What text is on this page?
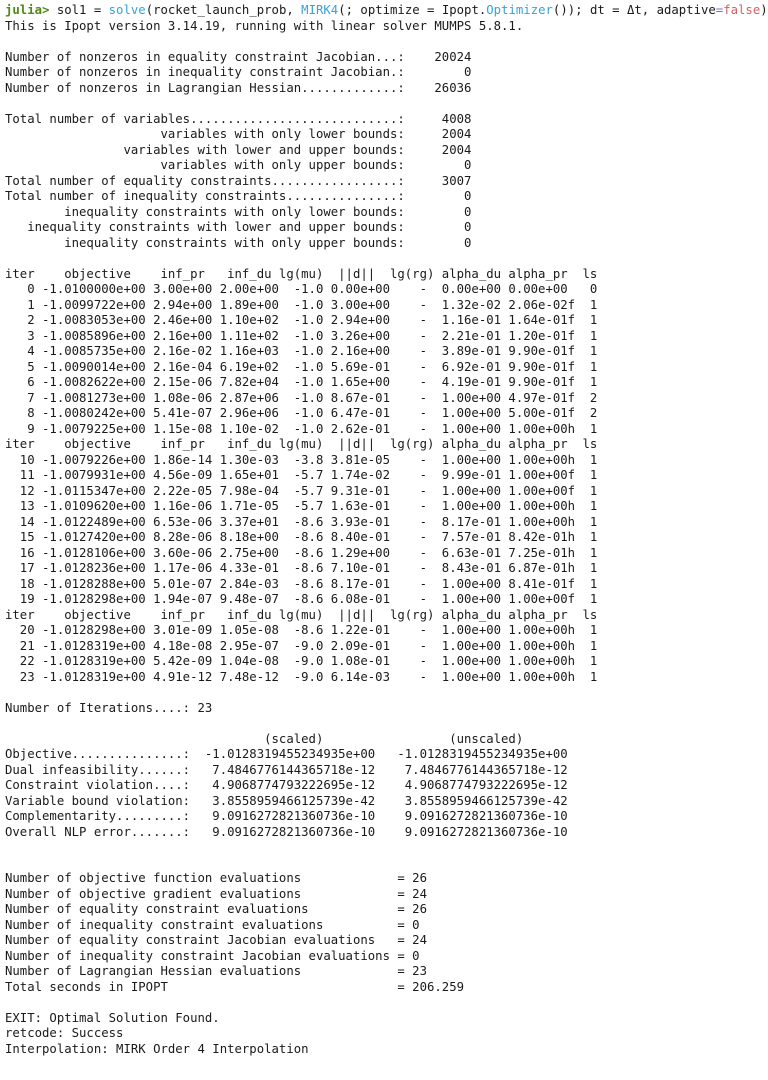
julia> sol1 = solve(rocket_launch_prob, MIRK4(; optimize = Ipopt.Optimizer()); dt = Δt, adaptive=false)
This is Ipopt version 3.14.19, running with linear solver MUMPS 5.8.1.
Number of nonzeros in equality constraint Jacobian...:    20024
Number of nonzeros in inequality constraint Jacobian.:        0
Number of nonzeros in Lagrangian Hessian.............:    26036
Total number of variables............................:     4008
variables with only lower bounds:     2004
variables with lower and upper bounds:     2004
variables with only upper bounds:        0
Total number of equality constraints.................:     3007
Total number of inequality constraints...............:        0
inequality constraints with only lower bounds:        0
inequality constraints with lower and upper bounds:        0
inequality constraints with only upper bounds:        0
iter    objective    inf_pr   inf_du lg(mu)  ||d||  lg(rg) alpha_du alpha_pr  ls
0 -1.0100000e+00 3.00e+00 2.00e+00  -1.0 0.00e+00    -  0.00e+00 0.00e+00   0
1 -1.0099722e+00 2.94e+00 1.89e+00  -1.0 3.00e+00    -  1.32e-02 2.06e-02f  1
2 -1.0083053e+00 2.46e+00 1.10e+02  -1.0 2.94e+00    -  1.16e-01 1.64e-01f  1
3 -1.0085896e+00 2.16e+00 1.11e+02  -1.0 3.26e+00    -  2.21e-01 1.20e-01f  1
4 -1.0085735e+00 2.16e-02 1.16e+03  -1.0 2.16e+00    -  3.89e-01 9.90e-01f  1
5 -1.0090014e+00 2.16e-04 6.19e+02  -1.0 5.69e-01    -  6.92e-01 9.90e-01f  1
6 -1.0082622e+00 2.15e-06 7.82e+04  -1.0 1.65e+00    -  4.19e-01 9.90e-01f  1
7 -1.0081273e+00 1.08e-06 2.87e+06  -1.0 8.67e-01    -  1.00e+00 4.97e-01f  2
8 -1.0080242e+00 5.41e-07 2.96e+06  -1.0 6.47e-01    -  1.00e+00 5.00e-01f  2
9 -1.0079225e+00 1.15e-08 1.10e-02  -1.0 2.62e-01    -  1.00e+00 1.00e+00h  1
iter    objective    inf_pr   inf_du lg(mu)  ||d||  lg(rg) alpha_du alpha_pr  ls
10 -1.0079226e+00 1.86e-14 1.30e-03  -3.8 3.81e-05    -  1.00e+00 1.00e+00h  1
11 -1.0079931e+00 4.56e-09 1.65e+01  -5.7 1.74e-02    -  9.99e-01 1.00e+00f  1
12 -1.0115347e+00 2.22e-05 7.98e-04  -5.7 9.31e-01    -  1.00e+00 1.00e+00f  1
13 -1.0109620e+00 1.16e-06 1.71e-05  -5.7 1.63e-01    -  1.00e+00 1.00e+00h  1
14 -1.0122489e+00 6.53e-06 3.37e+01  -8.6 3.93e-01    -  8.17e-01 1.00e+00h  1
15 -1.0127420e+00 8.28e-06 8.18e+00  -8.6 8.40e-01    -  7.57e-01 8.42e-01h  1
16 -1.0128106e+00 3.60e-06 2.75e+00  -8.6 1.29e+00    -  6.63e-01 7.25e-01h  1
17 -1.0128236e+00 1.17e-06 4.33e-01  -8.6 7.10e-01    -  8.43e-01 6.87e-01h  1
18 -1.0128288e+00 5.01e-07 2.84e-03  -8.6 8.17e-01    -  1.00e+00 8.41e-01f  1
19 -1.0128298e+00 1.94e-07 9.48e-07  -8.6 6.08e-01    -  1.00e+00 1.00e+00f  1
iter    objective    inf_pr   inf_du lg(mu)  ||d||  lg(rg) alpha_du alpha_pr  ls
20 -1.0128298e+00 3.01e-09 1.05e-08  -8.6 1.22e-01    -  1.00e+00 1.00e+00h  1
21 -1.0128319e+00 4.18e-08 2.95e-07  -9.0 2.09e-01    -  1.00e+00 1.00e+00h  1
22 -1.0128319e+00 5.42e-09 1.04e-08  -9.0 1.08e-01    -  1.00e+00 1.00e+00h  1
23 -1.0128319e+00 4.91e-12 7.48e-12  -9.0 6.14e-03    -  1.00e+00 1.00e+00h  1
Number of Iterations....: 23
(scaled)                 (unscaled)
Objective...............:  -1.0128319455234935e+00   -1.0128319455234935e+00
Dual infeasibility......:   7.4846776144365718e-12    7.4846776144365718e-12
Constraint violation....:   4.9068774793222695e-12    4.9068774793222695e-12
Variable bound violation:   3.8558959466125739e-42    3.8558959466125739e-42
Complementarity.........:   9.0916272821360736e-10    9.0916272821360736e-10
Overall NLP error.......:   9.0916272821360736e-10    9.0916272821360736e-10
Number of objective function evaluations             = 26
Number of objective gradient evaluations             = 24
Number of equality constraint evaluations            = 26
Number of inequality constraint evaluations          = 0
Number of equality constraint Jacobian evaluations   = 24
Number of inequality constraint Jacobian evaluations = 0
Number of Lagrangian Hessian evaluations             = 23
Total seconds in IPOPT                               = 206.259
EXIT: Optimal Solution Found.
retcode: Success
Interpolation: MIRK Order 4 Interpolation
